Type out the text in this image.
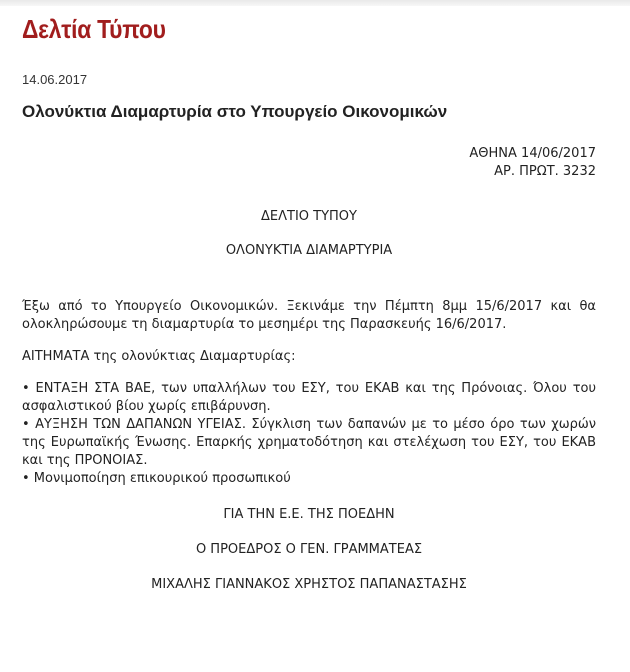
Δελτία Τύπου
14.06.2017
Ολονύκτια Διαμαρτυρία στο Υπουργείο Οικονομικών
ΑΘΗΝΑ 14/06/2017
ΑΡ. ΠΡΩΤ. 3232
ΔΕΛΤΙΟ ΤΥΠΟΥ
ΟΛΟΝΥΚΤΙΑ ΔΙΑΜΑΡΤΥΡΙΑ

Έξω από το Υπουργείο Οικονομικών. Ξεκινάμε την Πέμπτη 8μμ 15/6/2017 και θα ολοκληρώσουμε τη διαμαρτυρία το μεσημέρι της Παρασκευής 16/6/2017.

ΑΙΤΗΜΑΤΑ της ολονύκτιας Διαμαρτυρίας:

• ΕΝΤΑΞΗ ΣΤΑ ΒΑΕ, των υπαλλήλων του ΕΣΥ, του ΕΚΑΒ και της Πρόνοιας. Όλου του ασφαλιστικού βίου χωρίς επιβάρυνση.
• ΑΥΞΗΣΗ ΤΩΝ ΔΑΠΑΝΩΝ ΥΓΕΙΑΣ. Σύγκλιση των δαπανών με το μέσο όρο των χωρών της Ευρωπαϊκής Ένωσης. Επαρκής χρηματοδότηση και στελέχωση του ΕΣΥ, του ΕΚΑΒ και της ΠΡΟΝΟΙΑΣ.
• Μονιμοποίηση επικουρικού προσωπικού
ΓΙΑ ΤΗΝ Ε.Ε. ΤΗΣ ΠΟΕΔΗΝ
Ο ΠΡΟΕΔΡΟΣ Ο ΓΕΝ. ΓΡΑΜΜΑΤΕΑΣ
ΜΙΧΑΛΗΣ ΓΙΑΝΝΑΚΟΣ ΧΡΗΣΤΟΣ ΠΑΠΑΝΑΣΤΑΣΗΣ
